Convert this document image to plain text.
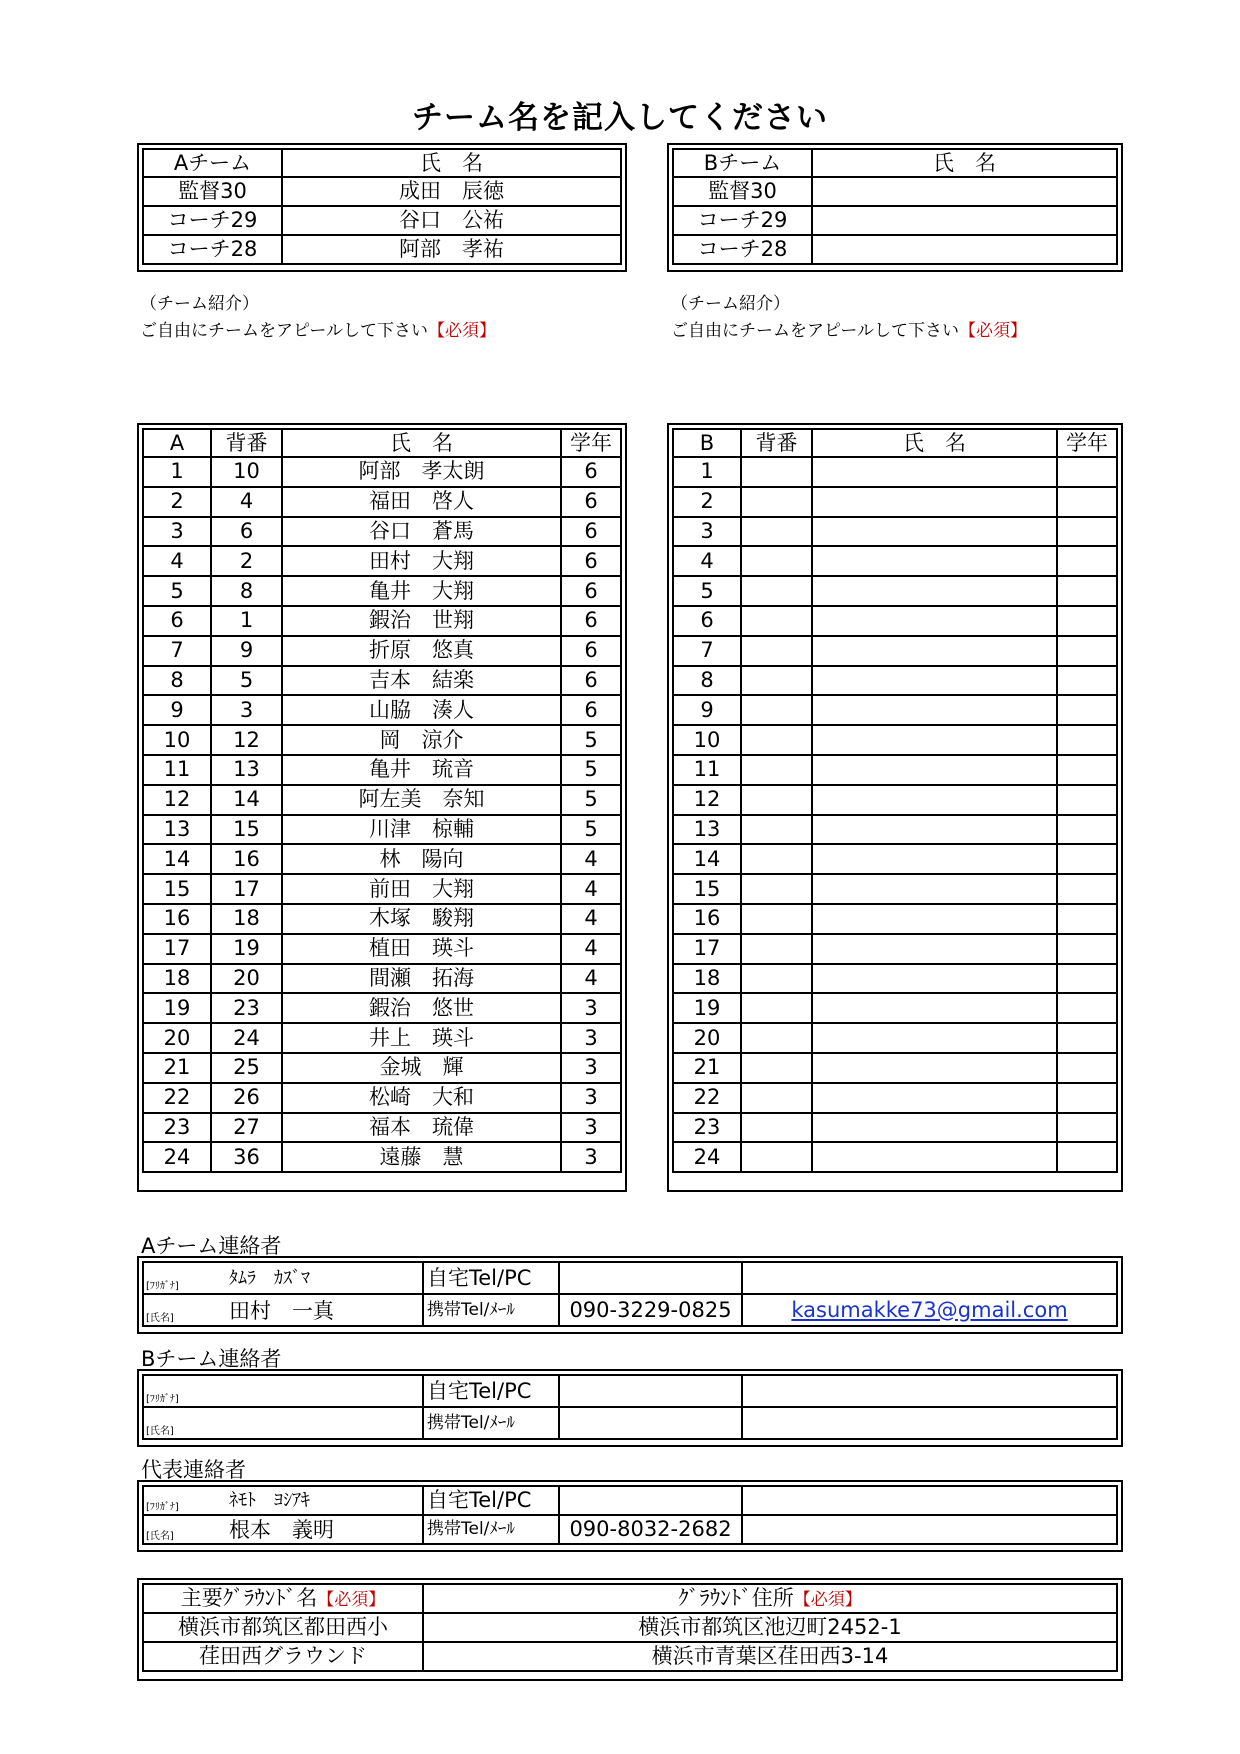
チーム名を記入してください
Aチーム	氏　名
監督30	成田　辰徳
コーチ29	谷口　公祐
コーチ28	阿部　孝祐
Bチーム	氏　名
監督30	
コーチ29	
コーチ28	
（チーム紹介）
ご自由にチームをアピールして下さい【必須】
（チーム紹介）
ご自由にチームをアピールして下さい【必須】
A	背番	氏　名	学年
1	10	阿部　孝太朗	6
2	4	福田　啓人	6
3	6	谷口　蒼馬	6
4	2	田村　大翔	6
5	8	亀井　大翔	6
6	1	鍜治　世翔	6
7	9	折原　悠真	6
8	5	吉本　結楽	6
9	3	山脇　湊人	6
10	12	岡　涼介	5
11	13	亀井　琉音	5
12	14	阿左美　奈知	5
13	15	川津　椋輔	5
14	16	林　陽向	4
15	17	前田　大翔	4
16	18	木塚　駿翔	4
17	19	植田　瑛斗	4
18	20	間瀬　拓海	4
19	23	鍜治　悠世	3
20	24	井上　瑛斗	3
21	25	金城　輝	3
22	26	松崎　大和	3
23	27	福本　琉偉	3
24	36	遠藤　慧	3
B	背番	氏　名	学年
1			
2			
3			
4			
5			
6			
7			
8			
9			
10			
11			
12			
13			
14			
15			
16			
17			
18			
19			
20			
21			
22			
23			
24			
Aチーム連絡者
[ﾌﾘｶﾞﾅ] ﾀﾑﾗ　ｶｽﾞﾏ	自宅Tel/PC		

[氏名] 田村　一真	携帯Tel/ﾒｰﾙ	090-3229-0825	kasumakke73@gmail.com
Bチーム連絡者
[ﾌﾘｶﾞﾅ]	自宅Tel/PC		

[氏名]	携帯Tel/ﾒｰﾙ		
代表連絡者
[ﾌﾘｶﾞﾅ] ﾈﾓﾄ　ﾖｼｱｷ	自宅Tel/PC		

[氏名] 根本　義明	携帯Tel/ﾒｰﾙ	090-8032-2682	
主要ｸﾞﾗｳﾝﾄﾞ名【必須】	ｸﾞﾗｳﾝﾄﾞ住所【必須】
横浜市都筑区都田西小	横浜市都筑区池辺町2452-1
荏田西グラウンド	横浜市青葉区荏田西3-14
